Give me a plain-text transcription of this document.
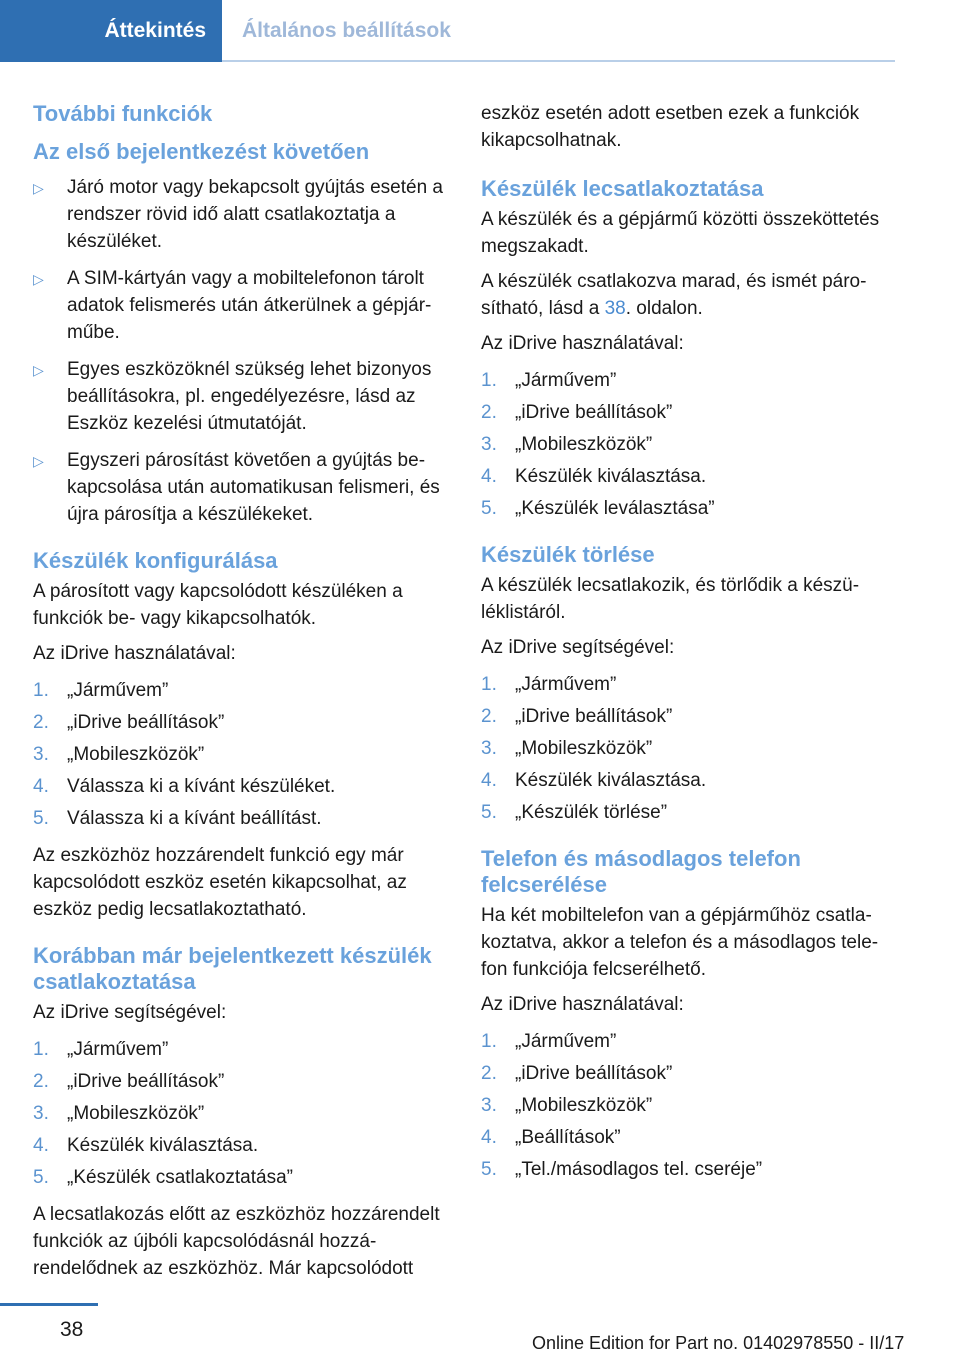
Áttekintés	Általános beállítások
További funkciók
Az első bejelentkezést követően
▷ Járó motor vagy bekapcsolt gyújtás esetén a rendszer rövid idő alatt csatlakoztatja a készüléket.
▷ A SIM-kártyán vagy a mobiltelefonon tárolt adatok felismerés után átkerülnek a gépjárműbe.
▷ Egyes eszközöknél szükség lehet bizonyos beállításokra, pl. engedélyezésre, lásd az Eszköz kezelési útmutatóját.
▷ Egyszeri párosítást követően a gyújtás bekapcsolása után automatikusan felismeri, és újra párosítja a készülékeket.
Készülék konfigurálása

A párosított vagy kapcsolódott készüléken a funkciók be- vagy kikapcsolhatók.

Az iDrive használatával:

1. „Járművem”
2. „iDrive beállítások”
3. „Mobileszközök”
4. Válassza ki a kívánt készüléket.
5. Válassza ki a kívánt beállítást.

Az eszközhöz hozzárendelt funkció egy már kapcsolódott eszköz esetén kikapcsolhat, az eszköz pedig lecsatlakoztatható.

Korábban már bejelentkezett készülék csatlakoztatása

Az iDrive segítségével:

1. „Járművem”
2. „iDrive beállítások”
3. „Mobileszközök”
4. Készülék kiválasztása.
5. „Készülék csatlakoztatása”

A lecsatlakozás előtt az eszközhöz hozzárendelt funkciók az újbóli kapcsolódásnál hozzárendelődnek az eszközhöz. Már kapcsolódott

eszköz esetén adott esetben ezek a funkciók kikapcsolhatnak.

Készülék lecsatlakoztatása

A készülék és a gépjármű közötti összeköttetés megszakadt.

A készülék csatlakozva marad, és ismét párosítható, lásd a 38. oldalon.

Az iDrive használatával:

1. „Járművem”
2. „iDrive beállítások”
3. „Mobileszközök”
4. Készülék kiválasztása.
5. „Készülék leválasztása”
Készülék törlése

A készülék lecsatlakozik, és törlődik a készüléklistáról.

Az iDrive segítségével:

1. „Járművem”
2. „iDrive beállítások”
3. „Mobileszközök”
4. Készülék kiválasztása.
5. „Készülék törlése”
Telefon és másodlagos telefon felcserélése

Ha két mobiltelefon van a gépjárműhöz csatlakoztatva, akkor a telefon és a másodlagos telefon funkciója felcserélhető.

Az iDrive használatával:

1. „Járművem”
2. „iDrive beállítások”
3. „Mobileszközök”
4. „Beállítások”
5. „Tel./másodlagos tel. cseréje”
38
Online Edition for Part no. 01402978550 - II/17
